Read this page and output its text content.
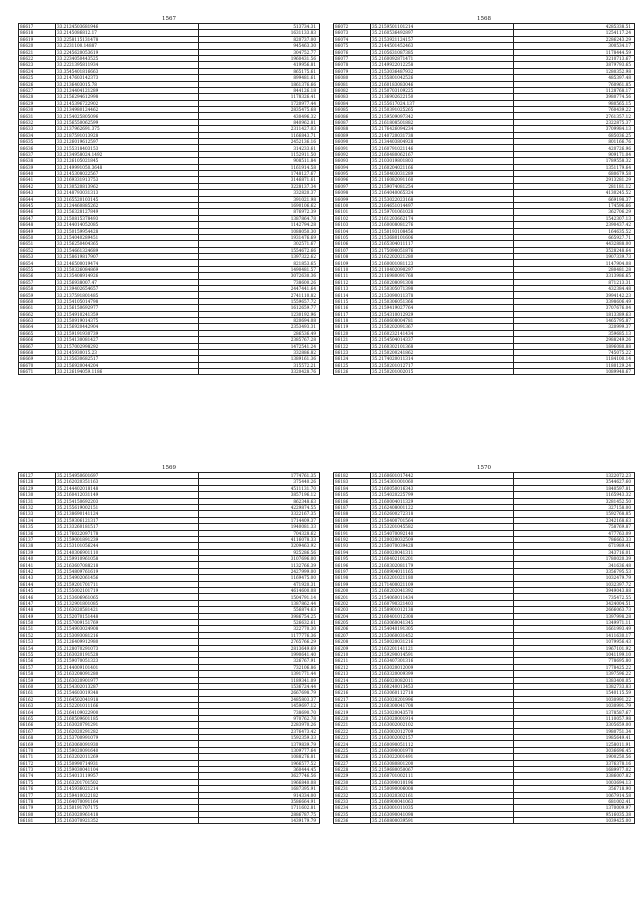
1567
86617	33.2124503681946	513734.31
86618	33.2145086812.17	1631133.83
86619	33.2258115131478	820737.00
86620	33.2231100.14887	945463.30
86621	33.2245620053619	304752.77
86622	33.2234050443525	1960431.56
86623	33.2221395811934	419956.81
86624	33.3545401816663	865175.61
86625	33.2147603142373	899481.61
86626	33.2136403015.78	1861376.66
86627	33.2124404121289	844126.18
86628	33.2156294612998	1178326.41
86629	33.2145396722902	1720977.44
86630	33.2134980124462	2835475.68
86631	33.2154025805096	430496.32
86632	33.2156550062599	840962.81
86633	33.2137962691.375	2311427.03
86634	33.2187591013928	1166843.71
86635	33.2126019612597	2452136.16
86636	33.2155318403153	314233.61
86637	33.2134958024.1492	1152911.50
86638	33.2126105021845	908511.84
86639	33.2149991050.3648	1161914.58
86640	33.2145308022567	1748127.67
86641	33.2169331913753	3146871.61
86642	33.2130520813962	3228137.34
86643	33.2148793031313	332820.37
86644	33.2165520103145	391021.98
86645	33.2124460885262	1690106.62
86646	33.2156328127849	876972.39
86647	33.2150815378493	1387864.78
86648	33.2144014052085	1142794.28
86649	33.2150159954428	1088050.30
86650	33.2154040289451	1931476.69
86651	33.2156250404365	302571.67
86652	33.2154661324689	1554672.66
86653	33.2158619817907	1397322.62
86654	33.2146500019474	821853.65
86655	33.2150326084869	1490481.57
86656	33.2135408914926	3072630.36
86657	33.2156938007.47	738600.26
86658	33.2139402654657	2447441.64
86659	33.2137591801485	2741110.82
86660	33.2154105014798	1559657.72
86661	33.2156150692977	1612659.77
86662	33.2154910241359	1230192.96
86663	33.2150919014375	820694.08
86664	33.2156920442904	2353493.31
86665	33.2159191930739	286536.49
86666	33.2154130081427	2385767.28
86667	33.2157002998292	1472541.24
86668	33.2145930015.23	332886.82
86669	33.2135630682517	1389161.36
86670	33.2156920044204	315572.21
86671	33.2126194059.1186	3320428.76
1568
86072	35.2159501101214	4285338.51
86073	35.2160536492897	1254117.24
86074	35.2153921124157	2286243.29
86075	35.2144501452463	300534.17
86076	35.2105631087385	1178444.59
86077	35.2160092871471	3210713.67
86078	35.2149922012258	3879793.65
86079	35.2153036487932	1280352.98
86080	35.2155801042526	485397.48
86081	35.2160183083046	760961.85
86082	35.2150703109225	1128768.17
86083	35.2136902622150	3980774.56
86084	35.2155617024.137	980565.15
86085	35.2150391025265	760439.22
86086	35.2159509097342	2761357.12
86087	35.2161808501882	2322875.37
86088	35.2176426094234	3709984.13
86089	35.2140720031738	685036.25
86090	35.2134403804928	801166.76
86091	35.2160791021146	420726.96
86092	35.2160480062167	909171.04
86093	35.2103019801803	1789558.32
86094	35.2160204021166	1351179.64
86095	35.2150403031289	680679.58
86096	35.2116082091160	2913281.29
86097	35.2159074081254	281181.12
86098	35.2164040065324	4130245.52
86099	35.2153022023168	669198.37
86100	35.2164651014497	174596.66
86101	35.2159701061028	362706.29
86102	35.2161203662174	1542307.13
86103	35.2160008081276	2390437.42
86104	35.2150193108456	164635.52
86105	35.2153680101606	665927.71
86106	35.2165304011117	4432888.00
86107	35.2175090051876	3528248.64
86108	35.2162202021280	1907339.73
86109	35.2160001081123	1147904.08
86110	35.2110402090297	280481.28
86111	35.2116980091768	3313986.65
86112	35.2160208091308	871213.31
86113	35.2150305071398	432384.48
86114	35.2153090011378	3994142.23
86115	35.2150306051366	3398606.49
86116	35.2159419027764	3707676.04
86117	35.2154310012929	1813389.63
86118	35.2160608004781	1465795.87
86119	35.2150202091367	320999.37
86120	35.2160232141434	359685.13
86121	35.2154504014337	2988249.26
86122	35.2160302101368	1896080.88
86123	35.2150200241862	745075.22
86124	35.2174020011314	1184100.14
86125	35.2150201012717	1180129.24
86126	35.2150201002015	1089948.67
1569
86127	35.2154950601697	1774761.35
86128	35.2162020351163	375440.26
86129	35.2144402018148	4511131.70
86130	35.2160412031149	3857196.12
86131	35.2154150692203	862348.63
86132	35.2155619002151	4229874.55
86133	35.2138690141124	3322167.35
86134	35.2159306121317	1714409.37
86135	35.2133260181517	1940081.33
86136	35.2176022097178	704328.62
86137	35.2159001891239	4116078.33
86138	35.2153101056244	3209463.92
86139	35.2140306901110	925286.56
86140	35.2159910961058	3107696.00
86141	35.2163607088218	1132766.39
86142	35.2154809761619	2427999.00
86143	35.2154902061456	1169475.00
86144	35.2159201701711	471920.31
86145	35.2155002101719	4614600.08
86146	35.2153606961065	1504791.14
86147	35.2132901801085	1387862.44
86148	35.2163020581421	556874.63
86149	35.2152070151448	3986754.25
86150	35.2157009151769	526632.61
86151	35.2154903024908	322770.30
86152	35.2153093081216	1177776.36
86153	35.2126409912980	2765766.29
86154	35.2128070291073	2813649.69
86155	35.2163020191528	1990641.40
86156	35.2159070051323	326767.91
86157	35.2144009101401	732106.86
86158	35.2163208091280	1391771.44
86159	35.2163020901977	1189341.09
86160	35.2154302013287	1536724.44
86161	35.2154603019348	2667698.79
86162	35.2164502041918	2485803.37
86163	35.2152201011166	1459697.12
86164	35.2164109022900	738690.70
86165	35.2160509601185	970762.78
86166	35.2163020791291	2283970.26
86167	35.2162020291282	2376473.42
86168	35.2153700991079	1592359.33
86169	35.2163060091930	1379839.79
86170	35.2159020091640	1309777.64
86171	35.2163202011269	1088276.81
86172	35.2150990714931	1966577.52
86173	35.2159030041104	360444.45
86174	35.2154013119957	3627746.56
86175	35.2163201701502	1966840.08
86176	35.2145936021214	1687395.91
86177	35.2159410022182	914334.00
86178	35.2164070091164	3586664.91
86179	35.2150191707175	1711602.81
86180	35.2163020961418	2886787.75
86181	35.2163070921352	1439179.79
1570
86182	35.2160601017442	1322072.23
86183	35.2154301001060	3544627.60
86184	35.2160050016343	1840597.81
86185	35.2154020225799	1165943.32
86186	35.2160004011329	3281452.50
86187	35.2162408001122	327158.00
86188	35.2162600272318	1592768.85
86189	35.2150400701564	2342168.63
86190	35.2153201045582	758769.87
86191	35.2154070092140	477763.09
86192	35.2120020032509	786663.33
86193	35.2150070039428	671989.41
86194	35.2160020041311	343716.01
86195	35.2160402101201	1780020.39
86196	35.2160302081179	341636.48
86197	35.2160904011165	3356795.53
86198	35.2163201021180	1032479.79
86199	35.2171400021109	1032397.72
86200	35.2160202041392	3949043.88
86201	35.2154060011434	735472.55
86202	35.2160790321403	3424004.51
86203	35.2158901012138	2666063.73
86204	35.2160401012308	1397998.28
86205	35.2163060041345	1349971.11
86206	35.2154040191305	1661993.49
86207	35.2153060031452	1411630.17
86208	35.2150020031216	1079956.43
86209	35.2163201141121	1967101.92
86210	35.2159290014591	1041199.10
86211	35.2163407301316	778695.80
86212	35.2163020012009	1778425.22
86213	35.2163320009399	1397596.22
86214	35.2166020082011	1383400.05
86215	35.2160240013453	1382733.83
86216	35.2163060112718	1540115.59
86217	35.2163020201996	1030991.22
86218	35.2160300041708	1030991.79
86219	35.2153020043570	1378587.67
86220	35.2163020001914	1110057.98
86221	35.2163002002102	3305659.00
86222	35.2163002012709	1980751.34
86223	35.2163002002157	1985649.41
86224	35.2160090051112	1258011.91
86225	35.2163090001970	3036696.45
86226	35.2163022001491	1900250.56
86227	35.2163080801200	3376378.16
86228	35.2159680050067	1689977.02
86229	35.2160701002111	3386007.82
86230	35.2163090010196	1003694.13
86231	35.2150090006008	356718.90
86232	35.2163020302161	1067914.58
86233	35.2160900041063	681002.41
86234	35.2163001011035	1370009.97
86235	35.2163090041098	9516035.38
86236	35.2160800039591	1039425.00
